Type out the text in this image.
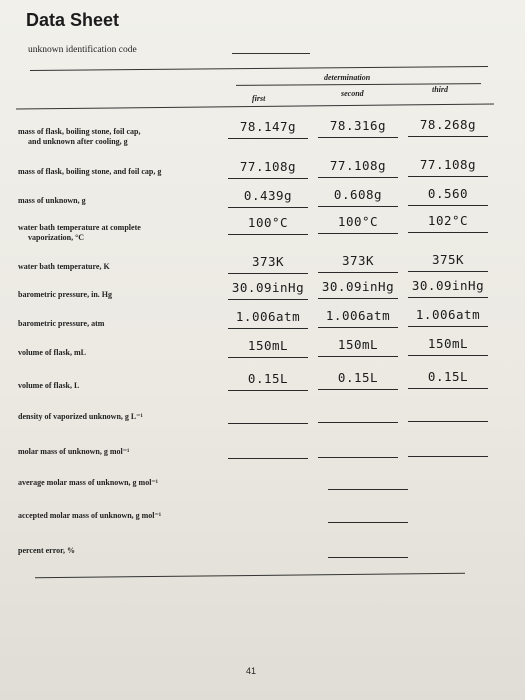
Data Sheet
unknown identification code
determination
first
second	third
mass of flask, boiling stone, foil cap,
and unknown after cooling, g
78.147g	78.316g	78.268g
mass of flask, boiling stone, and foil cap, g	77.108g	77.108g	77.108g
mass of unknown, g	0.439g	0.608g	0.560
water bath temperature at complete
vaporization, °C
100°C	100°C	102°C
water bath temperature, K	373K	373K	375K
barometric pressure, in. Hg	30.09inHg	30.09inHg	30.09inHg
barometric pressure, atm	1.006atm	1.006atm	1.006atm
volume of flask, mL	150mL	150mL	150mL
volume of flask, L	0.15L	0.15L	0.15L
density of vaporized unknown, g L⁻¹
molar mass of unknown, g mol⁻¹
average molar mass of unknown, g mol⁻¹
accepted molar mass of unknown, g mol⁻¹
percent error, %
41
